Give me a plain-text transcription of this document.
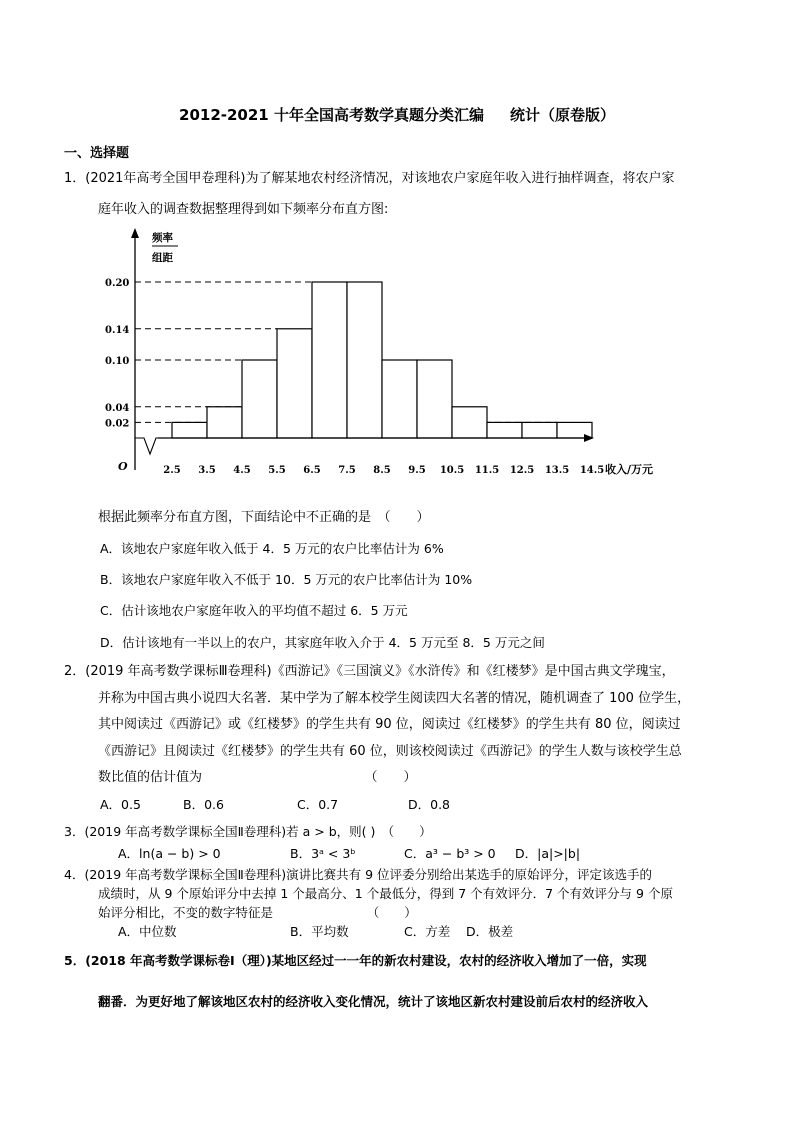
2012-2021 十年全国高考数学真题分类汇编 统计（原卷版）
一、选择题
1．(2021年高考全国甲卷理科)为了解某地农村经济情况，对该地农户家庭年收入进行抽样调查，将农户家
庭年收入的调查数据整理得到如下频率分布直方图:
0.02
0.04
0.10
0.14
0.20
2.5 3.5 4.5 5.5 6.5 7.5 8.5 9.5 10.5 11.5 12.5 13.5 14.5
O
频率
组距
收入/万元
根据此频率分布直方图，下面结论中不正确的是　（　　）
A．该地农户家庭年收入低于 4．5 万元的农户比率估计为 6%
B．该地农户家庭年收入不低于 10．5 万元的农户比率估计为 10%
C．估计该地农户家庭年收入的平均值不超过 6．5 万元
D．估计该地有一半以上的农户，其家庭年收入介于 4．5 万元至 8．5 万元之间
2．(2019 年高考数学课标Ⅲ卷理科)《西游记》《三国演义》《水浒传》和《红楼梦》是中国古典文学瑰宝，
并称为中国古典小说四大名著．某中学为了解本校学生阅读四大名著的情况，随机调查了 100 位学生，
其中阅读过《西游记》或《红楼梦》的学生共有 90 位，阅读过《红楼梦》的学生共有 80 位，阅读过
《西游记》且阅读过《红楼梦》的学生共有 60 位，则该校阅读过《西游记》的学生人数与该校学生总
数比值的估计值为　　　　　　　　　　　　　（　　）
A．0.5	B．0.6	C．0.7	D．0.8
3．(2019 年高考数学课标全国Ⅱ卷理科)若 a > b，则( )　（　　）
A．ln(a − b) > 0	B．3ᵃ < 3ᵇ	C．a³ − b³ > 0 D．|a|>|b|
4．(2019 年高考数学课标全国Ⅱ卷理科)演讲比赛共有 9 位评委分别给出某选手的原始评分，评定该选手的
成绩时，从 9 个原始评分中去掉 1 个最高分、1 个最低分，得到 7 个有效评分．7 个有效评分与 9 个原
始评分相比，不变的数字特征是　　　　　　　　（　　）
A．中位数	B．平均数	C．方差 D．极差
5．(2018 年高考数学课标卷Ⅰ（理）)某地区经过一一年的新农村建设，农村的经济收入增加了一倍，实现
翻番．为更好地了解该地区农村的经济收入变化情况，统计了该地区新农村建设前后农村的经济收入
